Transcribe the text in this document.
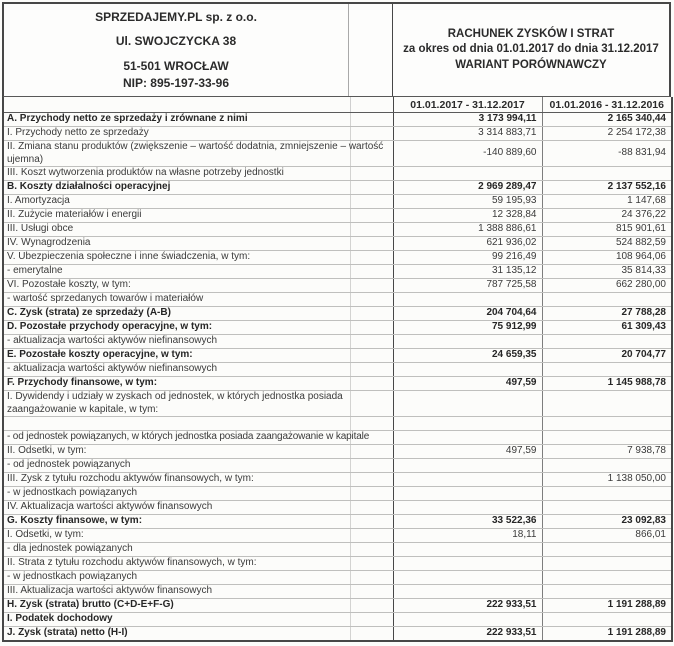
SPRZEDAJEMY.PL sp. z o.o.
Ul. SWOJCZYCKA 38
51-501 WROCŁAW
NIP: 895-197-33-96
RACHUNEK ZYSKÓW I STRAT
za okres od dnia 01.01.2017 do dnia 31.12.2017
WARIANT PORÓWNAWCZY
	01.01.2017 - 31.12.2017	01.01.2016 - 31.12.2016
A. Przychody netto ze sprzedaży i zrównane z nimi	3 173 994,11	2 165 340,44
I. Przychody netto ze sprzedaży	3 314 883,71	2 254 172,38
II. Zmiana stanu produktów (zwiększenie – wartość dodatnia, zmniejszenie – wartość ujemna)	-140 889,60	-88 831,94
III. Koszt wytworzenia produktów na własne potrzeby jednostki		
B. Koszty działalności operacyjnej	2 969 289,47	2 137 552,16
I. Amortyzacja	59 195,93	1 147,68
II. Zużycie materiałów i energii	12 328,84	24 376,22
III. Usługi obce	1 388 886,61	815 901,61
IV. Wynagrodzenia	621 936,02	524 882,59
V. Ubezpieczenia społeczne i inne świadczenia, w tym:	99 216,49	108 964,06
- emerytalne	31 135,12	35 814,33
VI. Pozostałe koszty, w tym:	787 725,58	662 280,00
- wartość sprzedanych towarów i materiałów		
C. Zysk (strata) ze sprzedaży (A-B)	204 704,64	27 788,28
D. Pozostałe przychody operacyjne, w tym:	75 912,99	61 309,43
- aktualizacja wartości aktywów niefinansowych		
E. Pozostałe koszty operacyjne, w tym:	24 659,35	20 704,77
- aktualizacja wartości aktywów niefinansowych		
F. Przychody finansowe, w tym:	497,59	1 145 988,78
I. Dywidendy i udziały w zyskach od jednostek, w których jednostka posiada zaangażowanie w kapitale, w tym:		

- od jednostek powiązanych, w których jednostka posiada zaangażowanie w kapitale		
II. Odsetki, w tym:	497,59	7 938,78
- od jednostek powiązanych		
III. Zysk z tytułu rozchodu aktywów finansowych, w tym:		1 138 050,00
- w jednostkach powiązanych		
IV. Aktualizacja wartości aktywów finansowych		
G. Koszty finansowe, w tym:	33 522,36	23 092,83
I. Odsetki, w tym:	18,11	866,01
- dla jednostek powiązanych		
II. Strata z tytułu rozchodu aktywów finansowych, w tym:		
- w jednostkach powiązanych		
III. Aktualizacja wartości aktywów finansowych		
H. Zysk (strata) brutto (C+D-E+F-G)	222 933,51	1 191 288,89
I. Podatek dochodowy		
J. Zysk (strata) netto (H-I)	222 933,51	1 191 288,89
